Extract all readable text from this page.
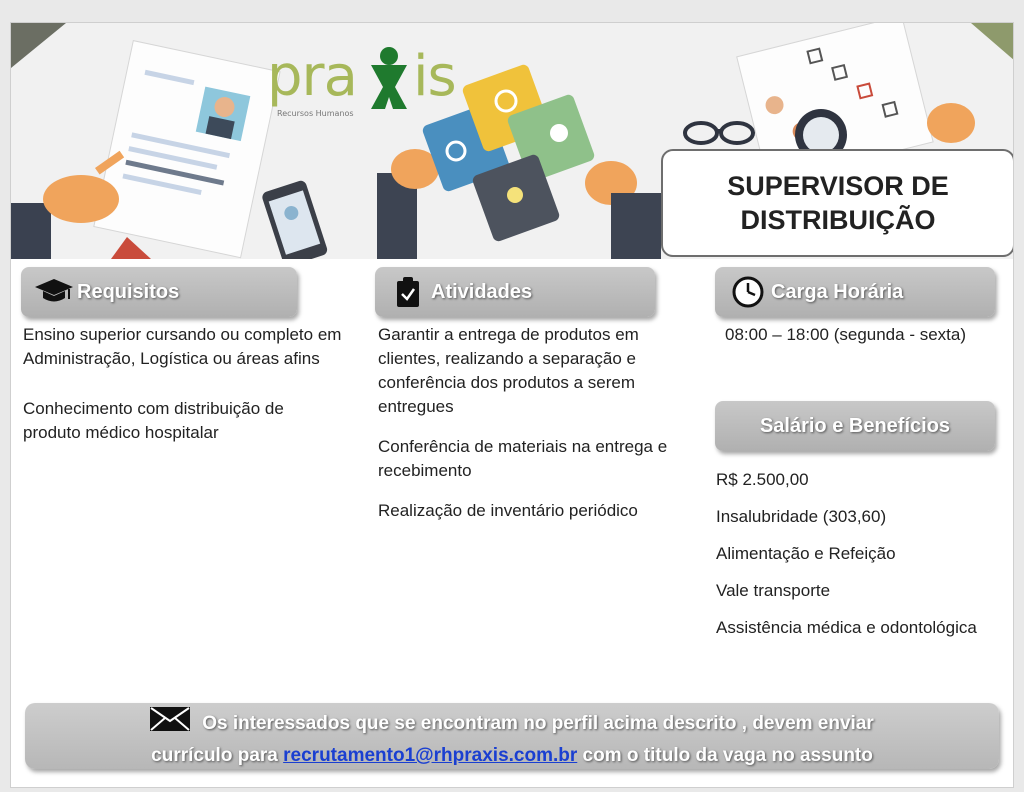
pra is
Recursos Humanos
SUPERVISOR DE
DISTRIBUIÇÃO
Requisitos	Atividades	Carga Horária
Salário e Benefícios

Ensino superior cursando ou completo em Administração, Logística ou áreas afins

Conhecimento com distribuição de produto médico hospitalar

Garantir a entrega de produtos em clientes, realizando a separação e conferência dos produtos a serem entregues

Conferência de materiais na entrega e recebimento

Realização de inventário periódico

08:00 – 18:00 (segunda - sexta)

R$ 2.500,00

Insalubridade (303,60)

Alimentação e Refeição

Vale transporte

Assistência médica e odontológica

Os interessados que se encontram no perfil acima descrito , devem enviar
currículo para recrutamento1@rhpraxis.com.br com o titulo da vaga no assunto
